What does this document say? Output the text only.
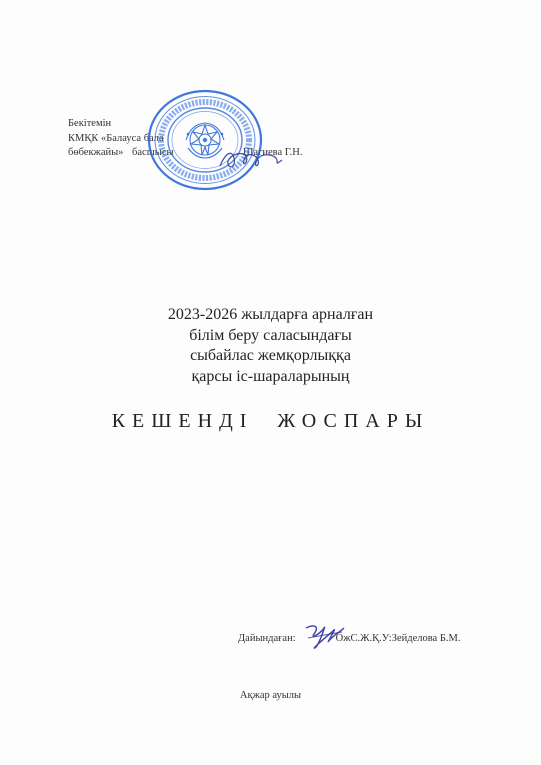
Бекітемін
КМҚК «Балауса бала
бөбекжайы» басшысы	Шагиева Г.Н.
2023-2026 жылдарға арналған
білім беру саласындағы
сыбайлас жемқорлыққа
қарсы іс-шараларының
КЕШЕНДІ  ЖОСПАРЫ
Дайындаған:	ОжС.Ж.Қ.У:Зейделова Б.М.
Ақжар ауылы
